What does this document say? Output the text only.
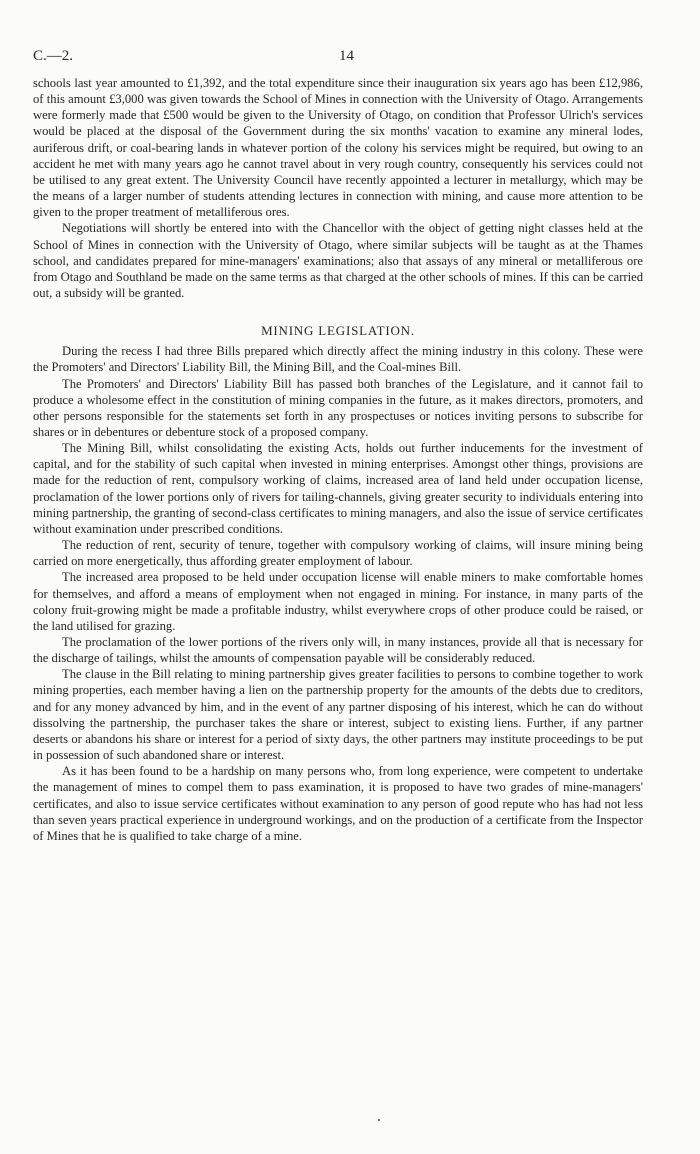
C.—2.	14

schools last year amounted to £1,392, and the total expenditure since their inauguration six years ago has been £12,986, of this amount £3,000 was given towards the School of Mines in connection with the University of Otago. Arrangements were formerly made that £500 would be given to the University of Otago, on condition that Professor Ulrich's services would be placed at the disposal of the Government during the six months' vacation to examine any mineral lodes, auriferous drift, or coal-bearing lands in whatever portion of the colony his services might be required, but owing to an accident he met with many years ago he cannot travel about in very rough country, consequently his services could not be utilised to any great extent. The University Council have recently appointed a lecturer in metallurgy, which may be the means of a larger number of students attending lectures in connection with mining, and cause more attention to be given to the proper treatment of metalliferous ores.

Negotiations will shortly be entered into with the Chancellor with the object of getting night classes held at the School of Mines in connection with the University of Otago, where similar subjects will be taught as at the Thames school, and candidates prepared for mine-managers' examinations; also that assays of any mineral or metalliferous ore from Otago and Southland be made on the same terms as that charged at the other schools of mines. If this can be carried out, a subsidy will be granted.

MINING LEGISLATION.

During the recess I had three Bills prepared which directly affect the mining industry in this colony. These were the Promoters' and Directors' Liability Bill, the Mining Bill, and the Coal-mines Bill.

The Promoters' and Directors' Liability Bill has passed both branches of the Legislature, and it cannot fail to produce a wholesome effect in the constitution of mining companies in the future, as it makes directors, promoters, and other persons responsible for the statements set forth in any prospectuses or notices inviting persons to subscribe for shares or in debentures or debenture stock of a proposed company.

The Mining Bill, whilst consolidating the existing Acts, holds out further inducements for the investment of capital, and for the stability of such capital when invested in mining enterprises. Amongst other things, provisions are made for the reduction of rent, compulsory working of claims, increased area of land held under occupation license, proclamation of the lower portions only of rivers for tailing-channels, giving greater security to individuals entering into mining partnership, the granting of second-class certificates to mining managers, and also the issue of service certificates without examination under prescribed conditions.

The reduction of rent, security of tenure, together with compulsory working of claims, will insure mining being carried on more energetically, thus affording greater employment of labour.

The increased area proposed to be held under occupation license will enable miners to make comfortable homes for themselves, and afford a means of employment when not engaged in mining. For instance, in many parts of the colony fruit-growing might be made a profitable industry, whilst everywhere crops of other produce could be raised, or the land utilised for grazing.

The proclamation of the lower portions of the rivers only will, in many instances, provide all that is necessary for the discharge of tailings, whilst the amounts of compensation payable will be considerably reduced.

The clause in the Bill relating to mining partnership gives greater facilities to persons to combine together to work mining properties, each member having a lien on the partnership property for the amounts of the debts due to creditors, and for any money advanced by him, and in the event of any partner disposing of his interest, which he can do without dissolving the partnership, the purchaser takes the share or interest, subject to existing liens. Further, if any partner deserts or abandons his share or interest for a period of sixty days, the other partners may institute proceedings to be put in possession of such abandoned share or interest.

As it has been found to be a hardship on many persons who, from long experience, were competent to undertake the management of mines to compel them to pass examination, it is proposed to have two grades of mine-managers' certificates, and also to issue service certificates without examination to any person of good repute who has had not less than seven years practical experience in underground workings, and on the production of a certificate from the Inspector of Mines that he is qualified to take charge of a mine.
